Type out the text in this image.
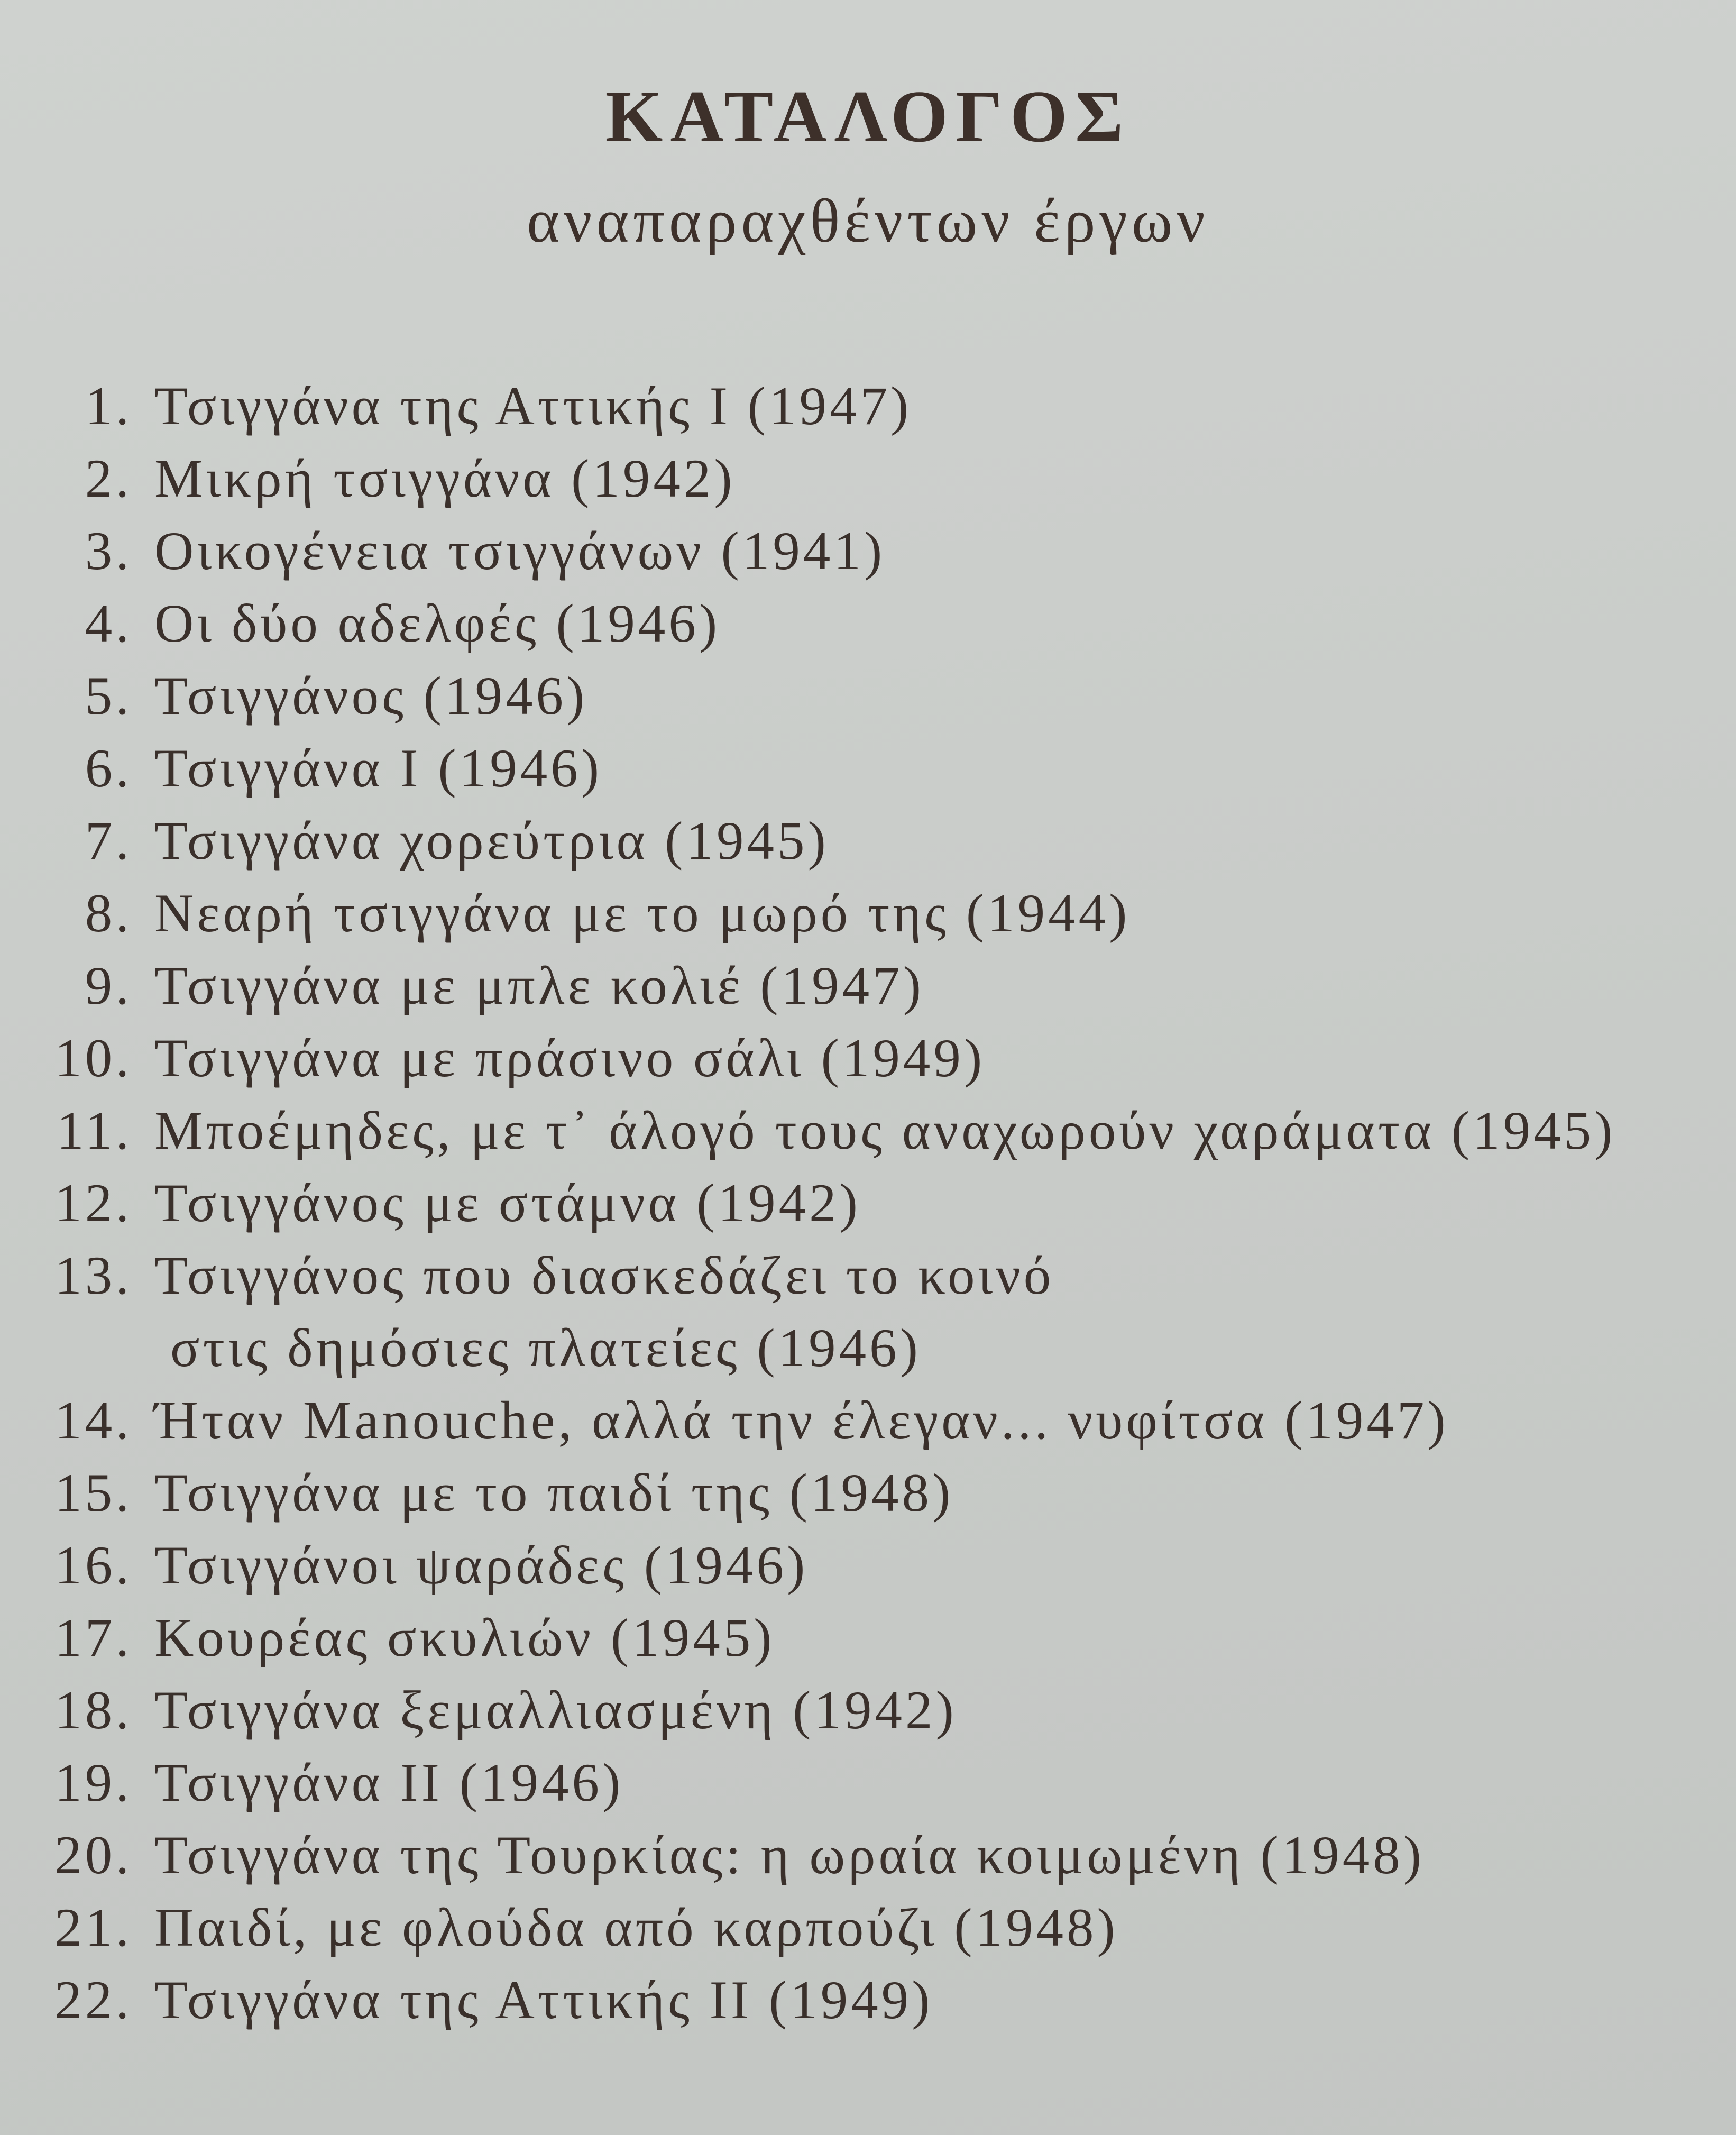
ΚΑΤΑΛΟΓΟΣ
αναπαραχθέντων έργων
1. Τσιγγάνα της Αττικής Ι (1947)
2. Μικρή τσιγγάνα (1942)
3. Οικογένεια τσιγγάνων (1941)
4. Οι δύο αδελφές (1946)
5. Τσιγγάνος (1946)
6. Τσιγγάνα Ι (1946)
7. Τσιγγάνα χορεύτρια (1945)
8. Νεαρή τσιγγάνα με το μωρό της (1944)
9. Τσιγγάνα με μπλε κολιέ (1947)
10. Τσιγγάνα με πράσινο σάλι (1949)
11. Μποέμηδες, με τ᾽ άλογό τους αναχωρούν χαράματα (1945)
12. Τσιγγάνος με στάμνα (1942)
13. Τσιγγάνος που διασκεδάζει το κοινό
στις δημόσιες πλατείες (1946)
14. Ήταν Manouche, αλλά την έλεγαν... νυφίτσα (1947)
15. Τσιγγάνα με το παιδί της (1948)
16. Τσιγγάνοι ψαράδες (1946)
17. Κουρέας σκυλιών (1945)
18. Τσιγγάνα ξεμαλλιασμένη (1942)
19. Τσιγγάνα ΙΙ (1946)
20. Τσιγγάνα της Τουρκίας: η ωραία κοιμωμένη (1948)
21. Παιδί, με φλούδα από καρπούζι (1948)
22. Τσιγγάνα της Αττικής ΙΙ (1949)
